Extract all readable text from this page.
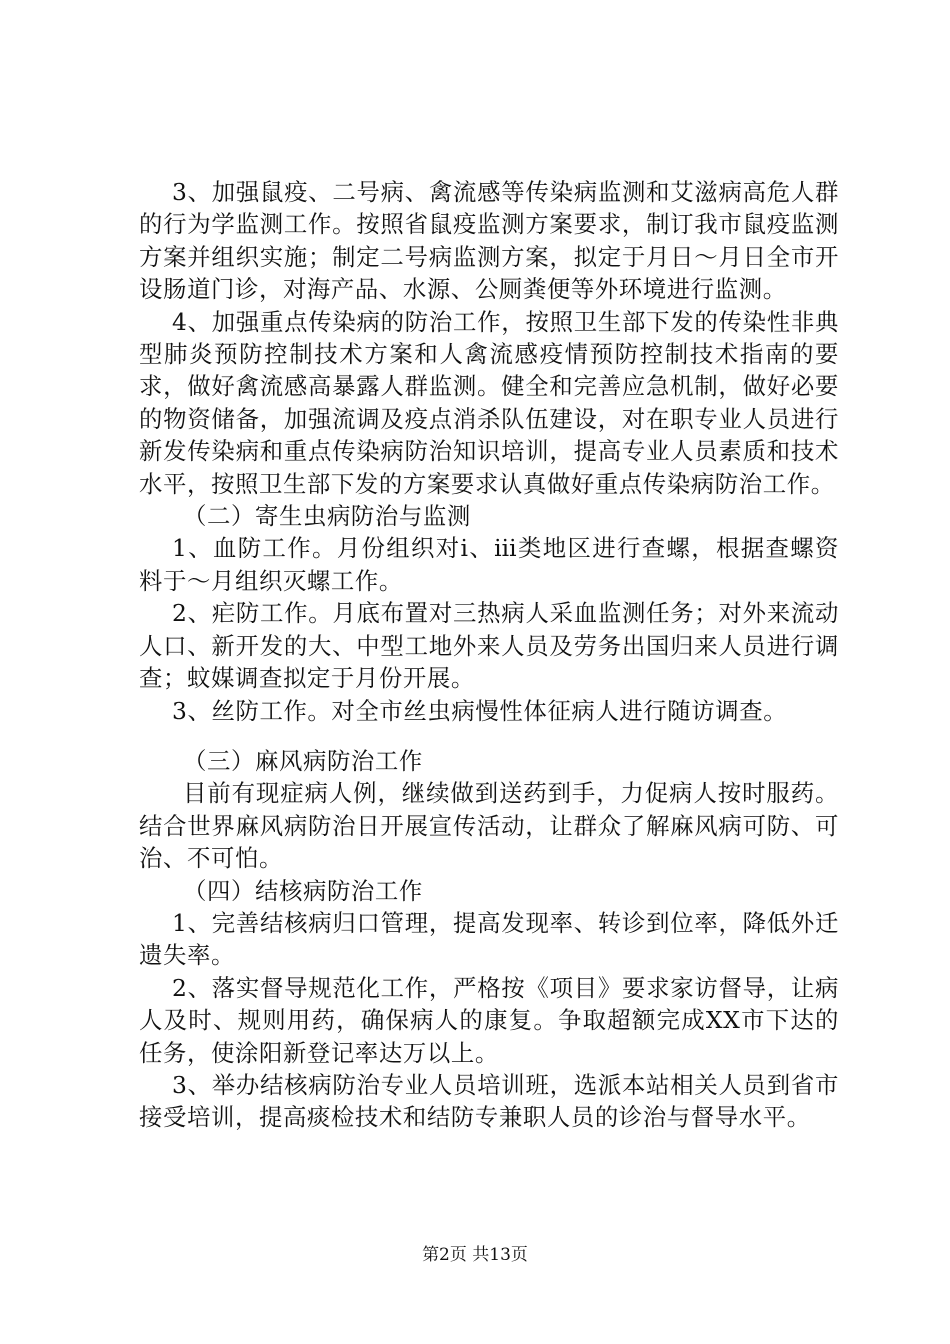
3、加强鼠疫、二号病、禽流感等传染病监测和艾滋病高危人群的行为学监测工作。按照省鼠疫监测方案要求，制订我市鼠疫监测方案并组织实施；制定二号病监测方案，拟定于月日～月日全市开设肠道门诊，对海产品、水源、公厕粪便等外环境进行监测。

4、加强重点传染病的防治工作，按照卫生部下发的传染性非典型肺炎预防控制技术方案和人禽流感疫情预防控制技术指南的要求，做好禽流感高暴露人群监测。健全和完善应急机制，做好必要的物资储备，加强流调及疫点消杀队伍建设，对在职专业人员进行新发传染病和重点传染病防治知识培训，提高专业人员素质和技术水平，按照卫生部下发的方案要求认真做好重点传染病防治工作。

（二）寄生虫病防治与监测

1、血防工作。月份组织对ⅰ、ⅲ类地区进行查螺，根据查螺资料于～月组织灭螺工作。

2、疟防工作。月底布置对三热病人采血监测任务；对外来流动人口、新开发的大、中型工地外来人员及劳务出国归来人员进行调查；蚊媒调查拟定于月份开展。

3、丝防工作。对全市丝虫病慢性体征病人进行随访调查。

（三）麻风病防治工作

目前有现症病人例，继续做到送药到手，力促病人按时服药。结合世界麻风病防治日开展宣传活动，让群众了解麻风病可防、可治、不可怕。

（四）结核病防治工作

1、完善结核病归口管理，提高发现率、转诊到位率，降低外迁遗失率。

2、落实督导规范化工作，严格按《项目》要求家访督导，让病人及时、规则用药，确保病人的康复。争取超额完成XX市下达的任务，使涂阳新登记率达万以上。

3、举办结核病防治专业人员培训班，选派本站相关人员到省市接受培训，提高痰检技术和结防专兼职人员的诊治与督导水平。

第2页 共13页
